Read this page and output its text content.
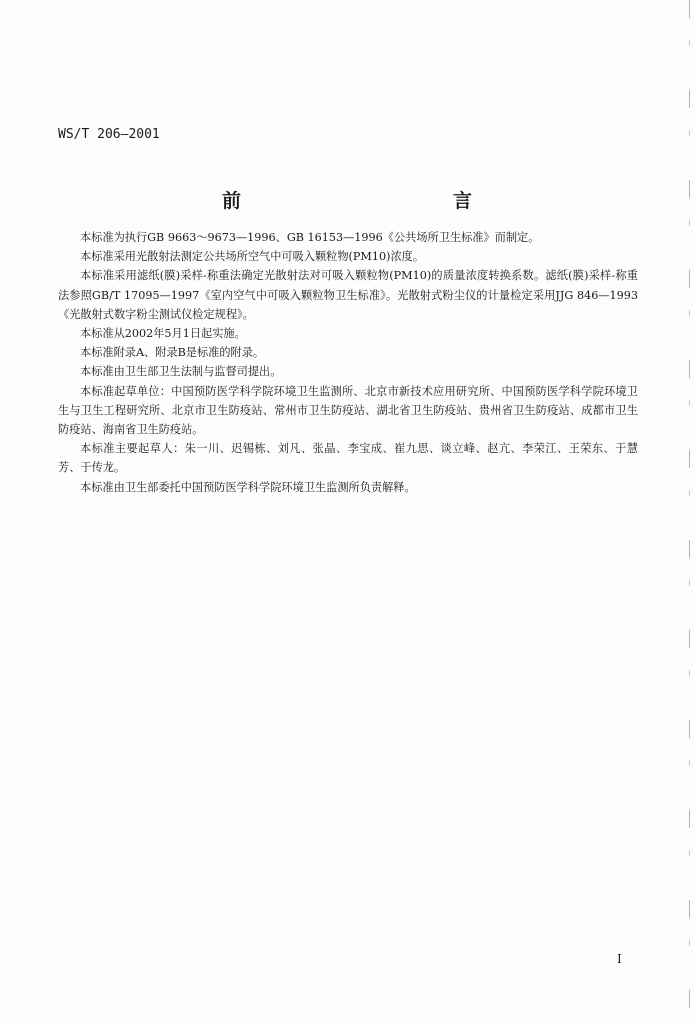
WS/T 206—2001
前　　言

本标准为执行GB 9663～9673—1996、GB 16153—1996《公共场所卫生标准》而制定。

本标准采用光散射法测定公共场所空气中可吸入颗粒物(PM10)浓度。

本标准采用滤纸(膜)采样-称重法确定光散射法对可吸入颗粒物(PM10)的质量浓度转换系数。滤纸(膜)采样-称重法参照GB/T 17095—1997《室内空气中可吸入颗粒物卫生标准》。光散射式粉尘仪的计量检定采用JJG 846—1993《光散射式数字粉尘测试仪检定规程》。

本标准从2002年5月1日起实施。

本标准附录A、附录B是标准的附录。

本标准由卫生部卫生法制与监督司提出。

本标准起草单位：中国预防医学科学院环境卫生监测所、北京市新技术应用研究所、中国预防医学科学院环境卫生与卫生工程研究所、北京市卫生防疫站、常州市卫生防疫站、湖北省卫生防疫站、贵州省卫生防疫站、成都市卫生防疫站、海南省卫生防疫站。

本标准主要起草人：朱一川、迟锡栋、刘凡、张晶、李宝成、崔九思、谈立峰、赵亢、李荣江、王荣东、于慧芳、于传龙。

本标准由卫生部委托中国预防医学科学院环境卫生监测所负责解释。

I
